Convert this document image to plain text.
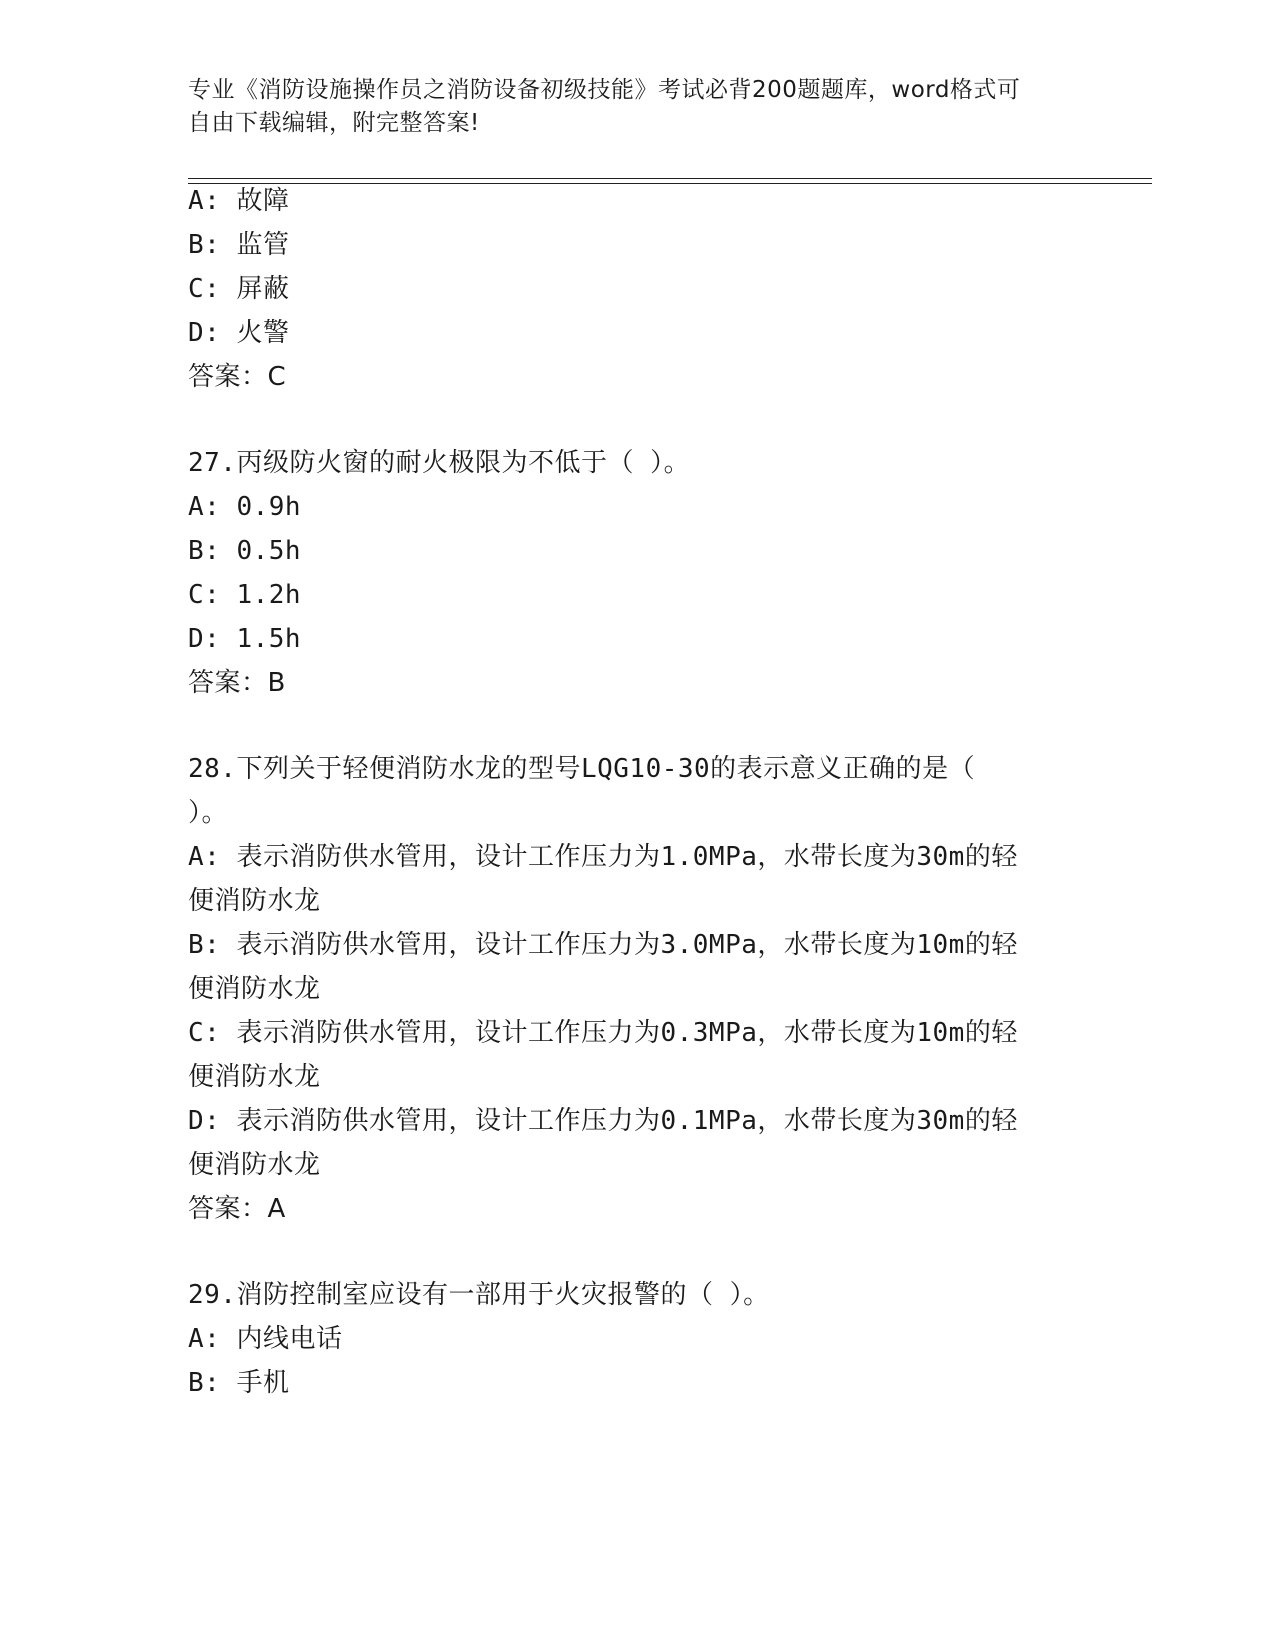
专业《消防设施操作员之消防设备初级技能》考试必背200题题库，word格式可
自由下载编辑，附完整答案!
A: 故障
B: 监管
C: 屏蔽
D: 火警
答案：C
27.丙级防火窗的耐火极限为不低于（ ）。
A: 0.9h
B: 0.5h
C: 1.2h
D: 1.5h
答案：B
28.下列关于轻便消防水龙的型号LQG10-30的表示意义正确的是（
）。
A: 表示消防供水管用，设计工作压力为1.0MPa，水带长度为30m的轻
便消防水龙
B: 表示消防供水管用，设计工作压力为3.0MPa，水带长度为10m的轻
便消防水龙
C: 表示消防供水管用，设计工作压力为0.3MPa，水带长度为10m的轻
便消防水龙
D: 表示消防供水管用，设计工作压力为0.1MPa，水带长度为30m的轻
便消防水龙
答案：A
29.消防控制室应设有一部用于火灾报警的（ ）。
A: 内线电话
B: 手机
